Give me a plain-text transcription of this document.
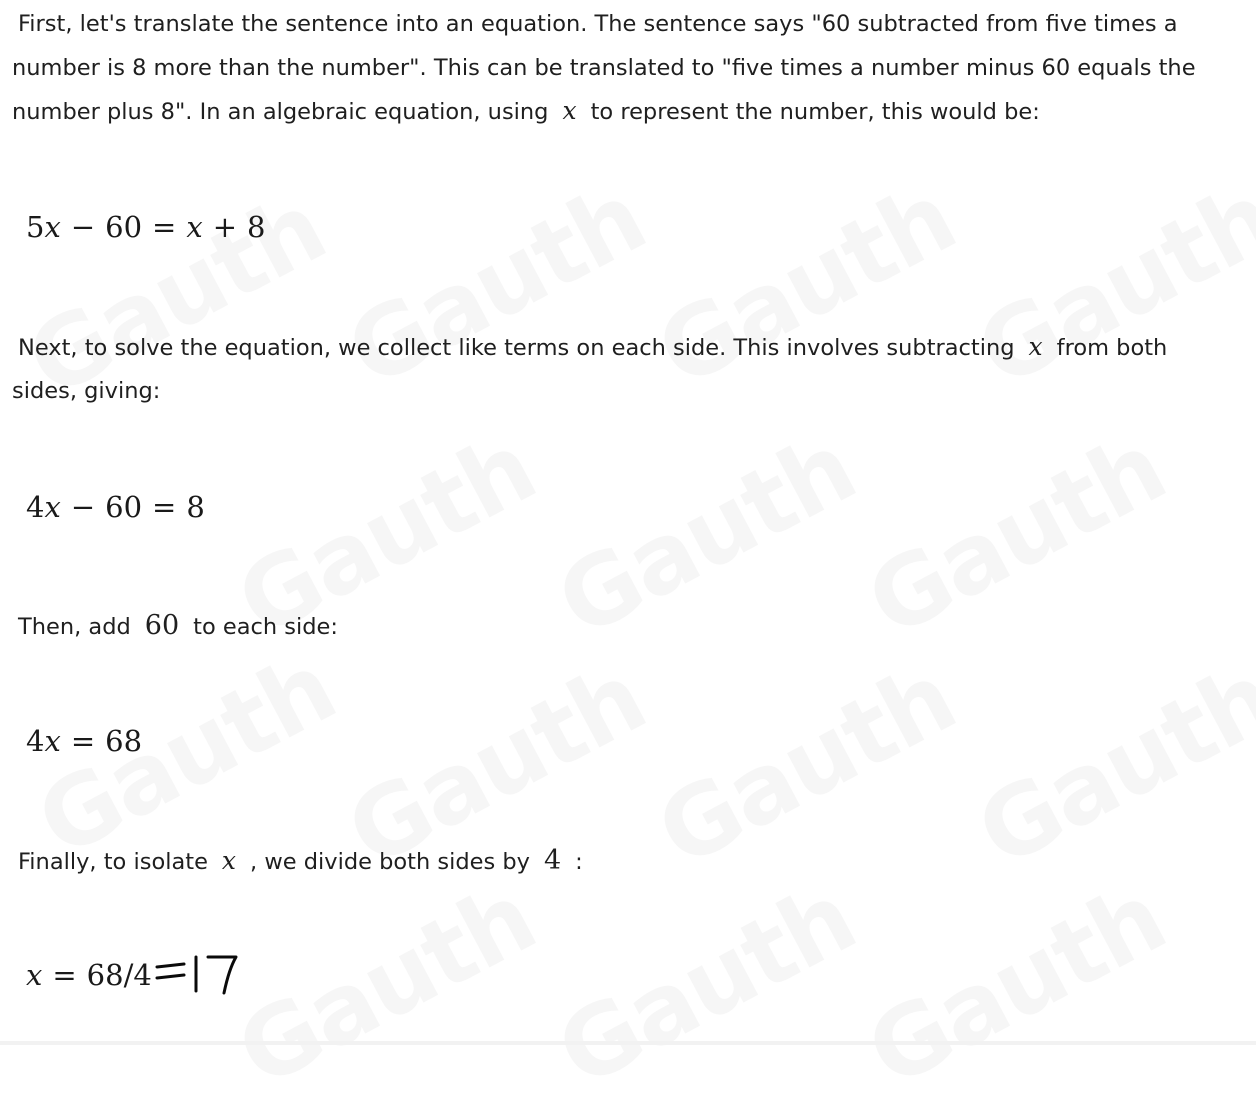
First, let's translate the sentence into an equation. The sentence says "60 subtracted from five times a
number is 8 more than the number". This can be translated to "five times a number minus 60 equals the
number plus 8". In an algebraic equation, using x to represent the number, this would be:
5x − 60 = x + 8
Next, to solve the equation, we collect like terms on each side. This involves subtracting x from both
sides, giving:
4x − 60 = 8
Then, add 60 to each side:
4x = 68
Finally, to isolate x , we divide both sides by 4 :
x = 68/4
